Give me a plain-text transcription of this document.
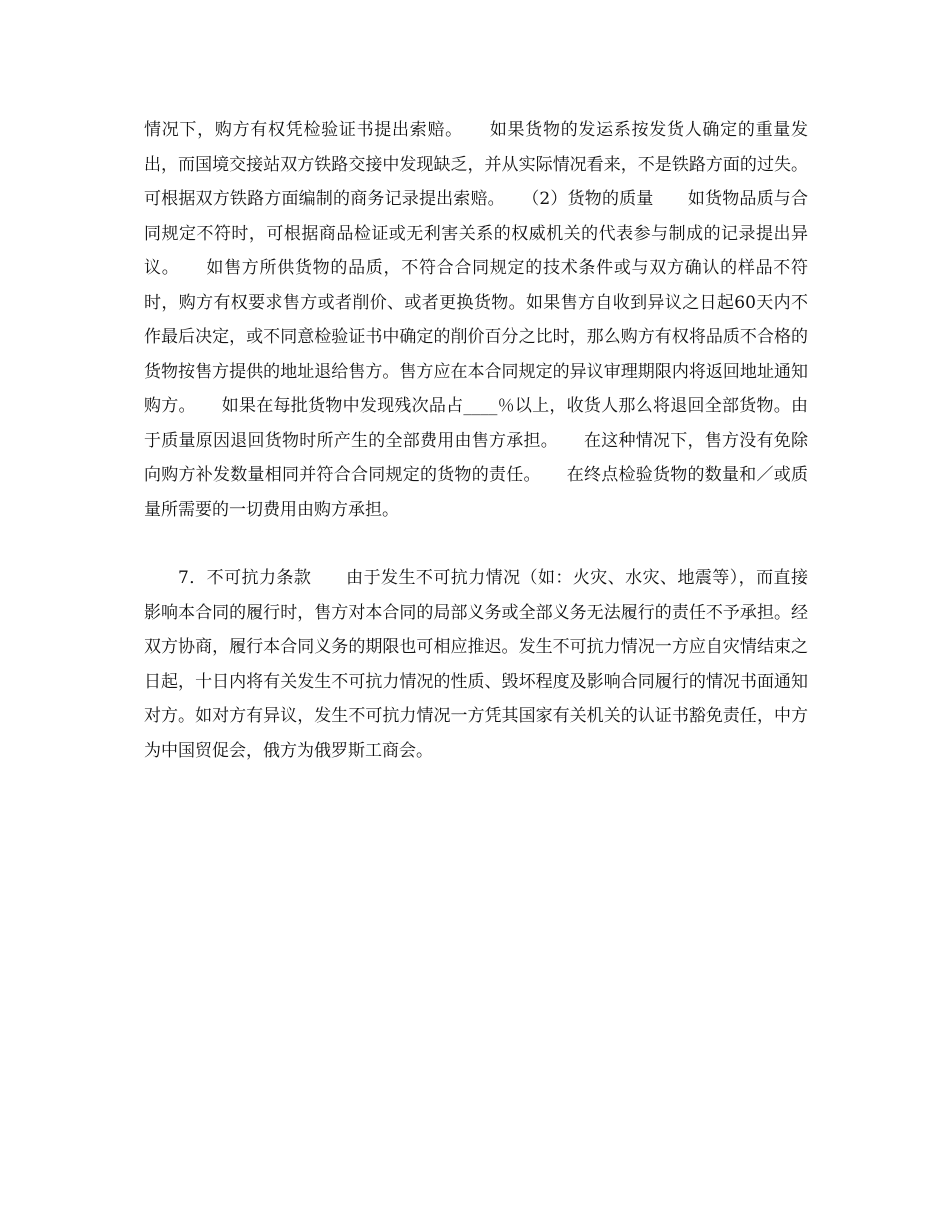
情况下，购方有权凭检验证书提出索赔。　　如果货物的发运系按发货人确定的重量发出，而国境交接站双方铁路交接中发现缺乏，并从实际情况看来，不是铁路方面的过失。可根据双方铁路方面编制的商务记录提出索赔。　　（2）货物的质量　　如货物品质与合同规定不符时，可根据商品检证或无利害关系的权威机关的代表参与制成的记录提出异议。　　如售方所供货物的品质，不符合合同规定的技术条件或与双方确认的样品不符时，购方有权要求售方或者削价、或者更换货物。如果售方自收到异议之日起60天内不作最后决定，或不同意检验证书中确定的削价百分之比时，那么购方有权将品质不合格的货物按售方提供的地址退给售方。售方应在本合同规定的异议审理期限内将返回地址通知购方。　　如果在每批货物中发现残次品占____％以上，收货人那么将退回全部货物。由于质量原因退回货物时所产生的全部费用由售方承担。　　在这种情况下，售方没有免除向购方补发数量相同并符合合同规定的货物的责任。　　在终点检验货物的数量和／或质量所需要的一切费用由购方承担。

7．不可抗力条款　　由于发生不可抗力情况（如：火灾、水灾、地震等），而直接影响本合同的履行时，售方对本合同的局部义务或全部义务无法履行的责任不予承担。经双方协商，履行本合同义务的期限也可相应推迟。发生不可抗力情况一方应自灾情结束之日起，十日内将有关发生不可抗力情况的性质、毁坏程度及影响合同履行的情况书面通知对方。如对方有异议，发生不可抗力情况一方凭其国家有关机关的认证书豁免责任，中方为中国贸促会，俄方为俄罗斯工商会。
